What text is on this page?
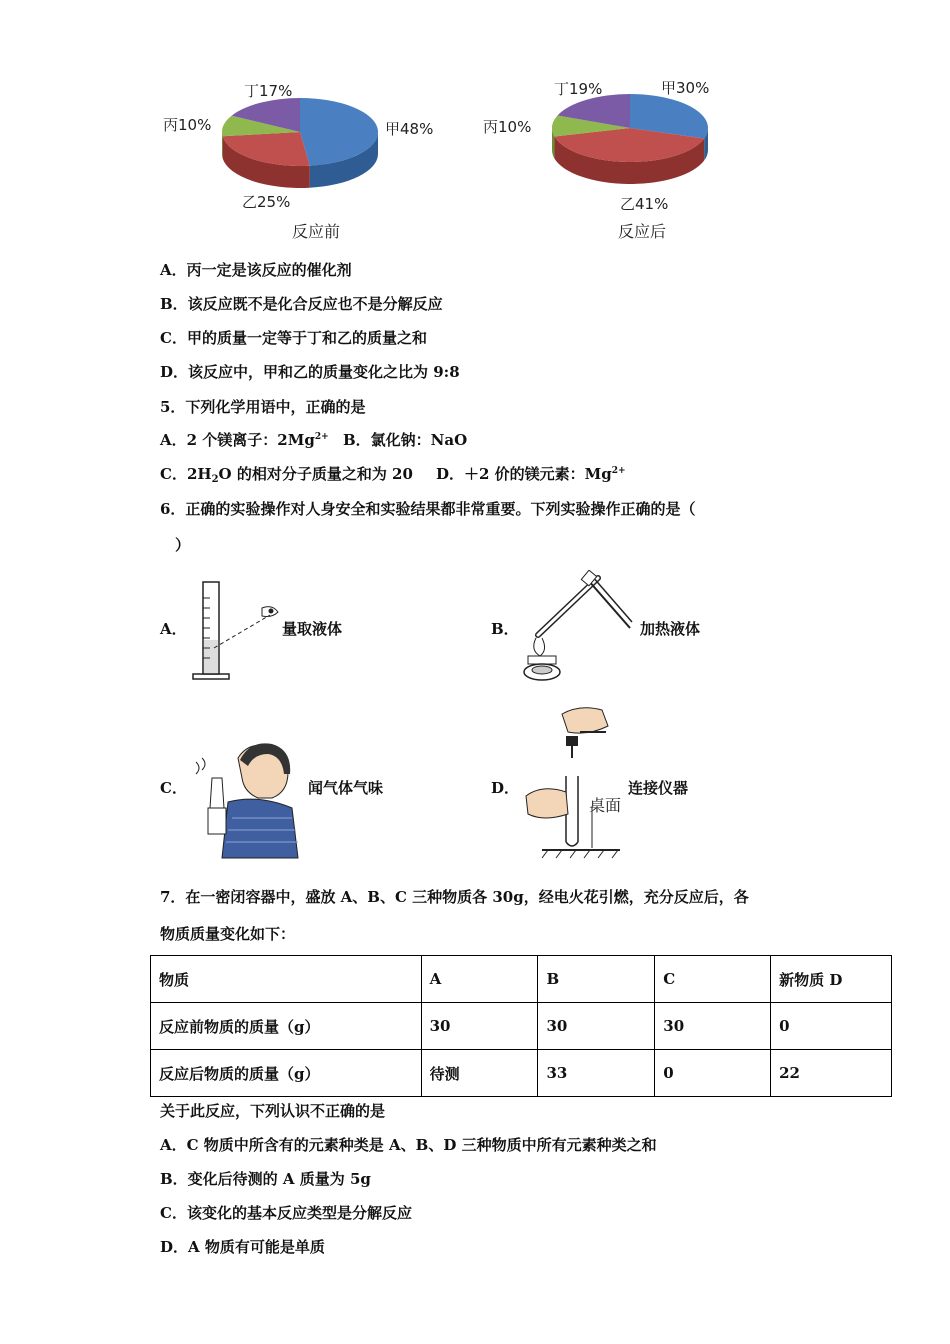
丁17%
甲48%
丙10%
乙25%
反应前
丁19%	甲30%
丙10%
乙41%
反应后
A．丙一定是该反应的催化剂
B．该反应既不是化合反应也不是分解反应
C．甲的质量一定等于丁和乙的质量之和
D．该反应中，甲和乙的质量变化之比为 9:8
5．下列化学用语中，正确的是
A．2 个镁离子：$2Mg^{2+}$ B．氯化钠：NaO
C．$2H_2O$ 的相对分子质量之和为 20 D．＋2 价的镁元素：$Mg^{2+}$
6．正确的实验操作对人身安全和实验结果都非常重要。下列实验操作正确的是（
）
A．	量取液体	B．	加热液体
C．	闻气体气味	D．
桌面
连接仪器
7．在一密闭容器中，盛放 A、B、C 三种物质各 30g，经电火花引燃，充分反应后，各
物质质量变化如下：
物质	A	B	C	新物质 D
反应前物质的质量（g）	30	30	30	0
反应后物质的质量（g）	待测	33	0	22
关于此反应，下列认识不正确的是
A．C 物质中所含有的元素种类是 A、B、D 三种物质中所有元素种类之和
B．变化后待测的 A 质量为 5g
C．该变化的基本反应类型是分解反应
D．A 物质有可能是单质
